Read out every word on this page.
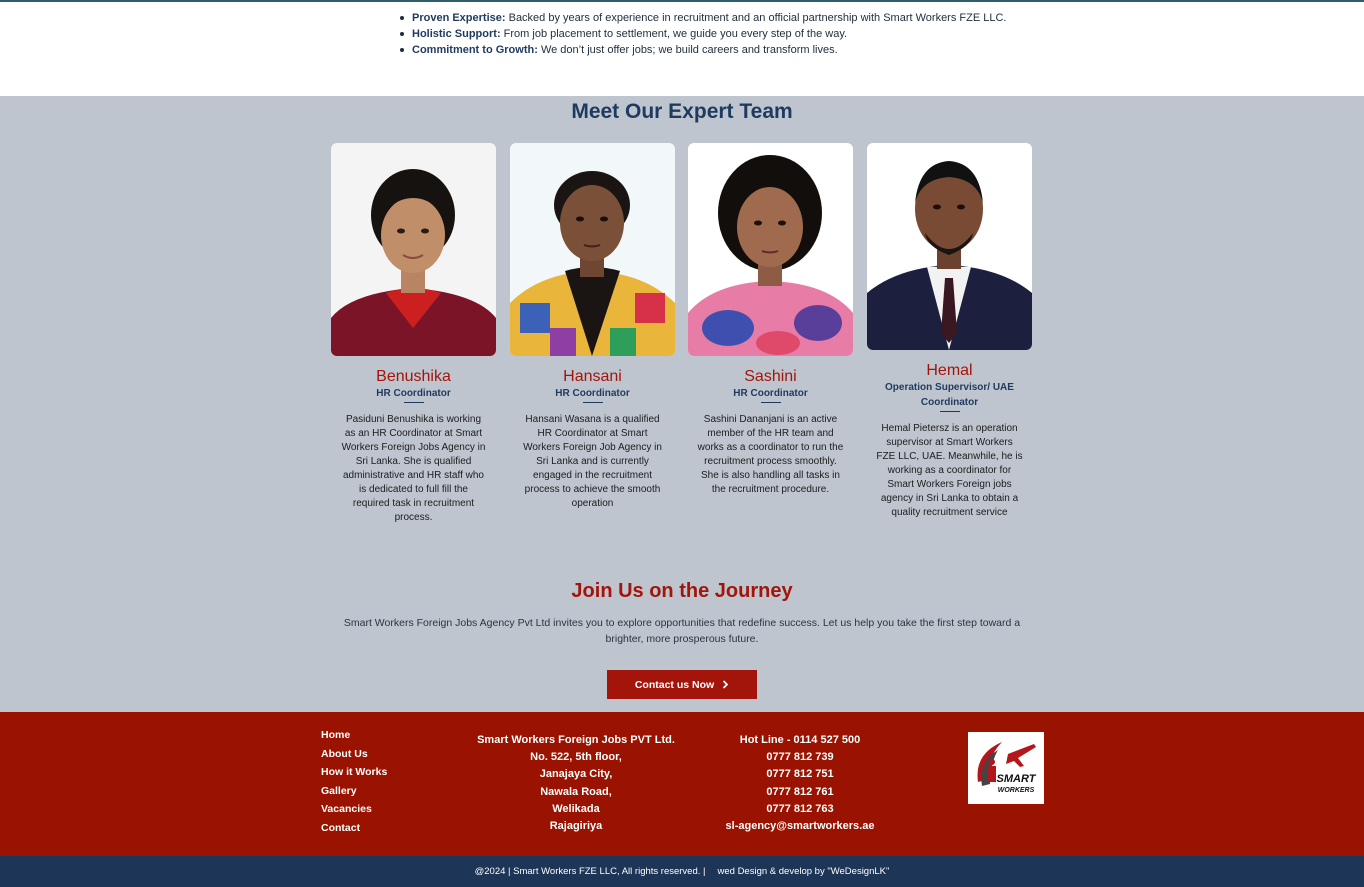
Proven Expertise: Backed by years of experience in recruitment and an official partnership with Smart Workers FZE LLC.
Holistic Support: From job placement to settlement, we guide you every step of the way.
Commitment to Growth: We don’t just offer jobs; we build careers and transform lives.
Meet Our Expert Team
Benushika
HR Coordinator

Pasiduni Benushika is working as an HR Coordinator at Smart Workers Foreign Jobs Agency in Sri Lanka. She is qualified administrative and HR staff who is dedicated to full fill the required task in recruitment process.

Hansani
HR Coordinator

Hansani Wasana is a qualified HR Coordinator at Smart Workers Foreign Job Agency in Sri Lanka and is currently engaged in the recruitment process to achieve the smooth operation

Sashini
HR Coordinator

Sashini Dananjani is an active member of the HR team and works as a coordinator to run the recruitment process smoothly. She is also handling all tasks in the recruitment procedure.

Hemal
Operation Supervisor/ UAE Coordinator

Hemal Pietersz is an operation supervisor at Smart Workers FZE LLC, UAE. Meanwhile, he is working as a coordinator for Smart Workers Foreign jobs agency in Sri Lanka to obtain a quality recruitment service

Join Us on the Journey

Smart Workers Foreign Jobs Agency Pvt Ltd invites you to explore opportunities that redefine success. Let us help you take the first step toward a brighter, more prosperous future.

Contact us Now
Home
About Us
How it Works
Gallery
Vacancies
Contact
Smart Workers Foreign Jobs PVT Ltd.
No. 522, 5th floor,
Janajaya City,
Nawala Road,
Welikada
Rajagiriya
Hot Line - 0114 527 500
0777 812 739
0777 812 751
0777 812 761
0777 812 763
sl-agency@smartworkers.ae
SMART
WORKERS
@2024 | Smart Workers FZE LLC, All rights reserved. | wed Design & develop by "WeDesignLK"
